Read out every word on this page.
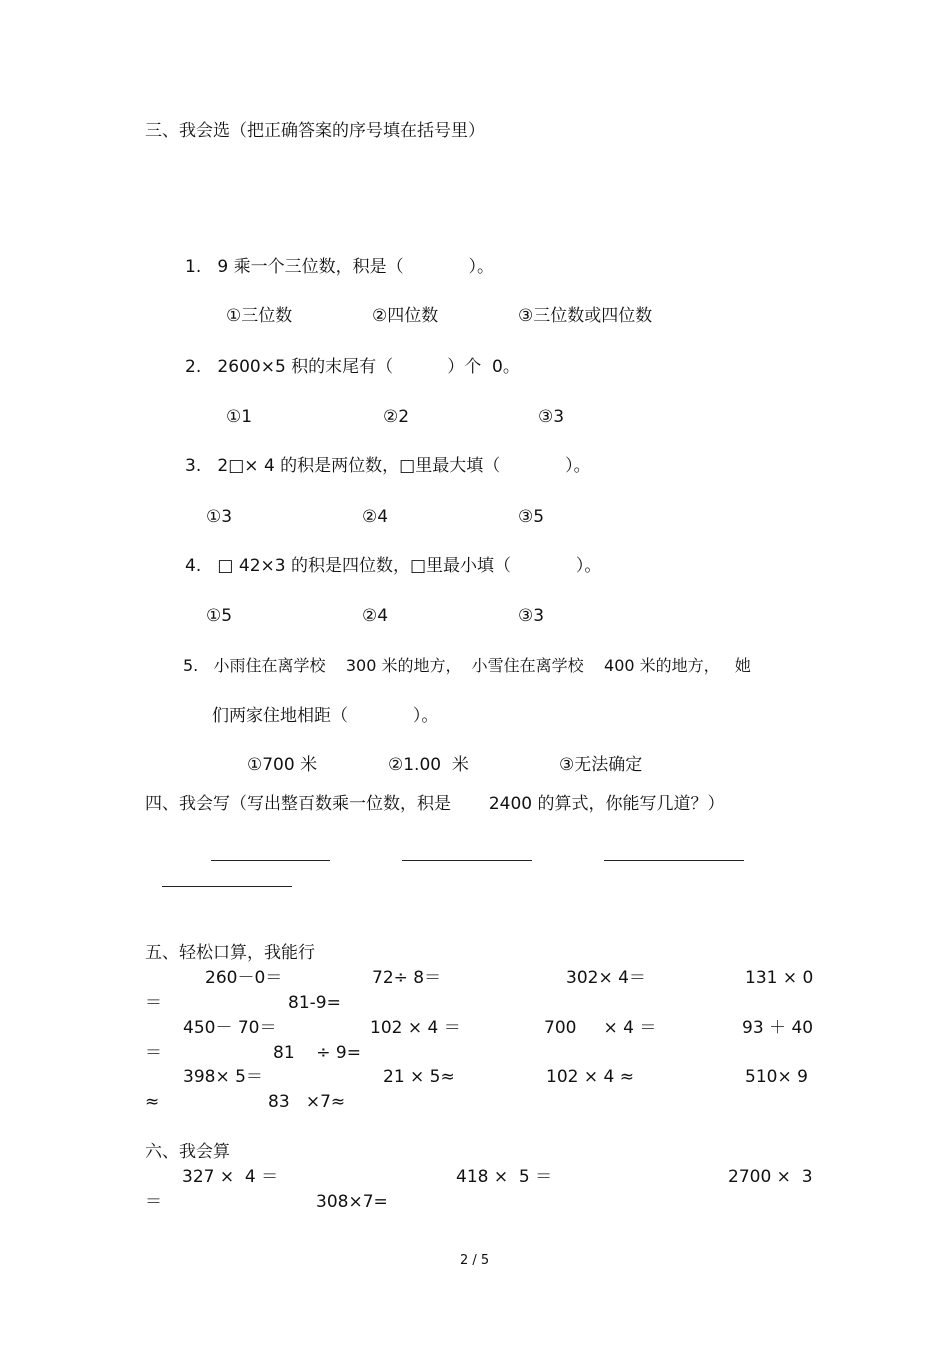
三、我会选（把正确答案的序号填在括号里）
1.   9 乘一个三位数，积是（            ）。
①三位数	②四位数	③三位数或四位数
2.   2600×5 积的末尾有（          ）个  0。
①1	②2	③3
3.   2□× 4 的积是两位数，□里最大填（            ）。
①3	②4	③5
4.   □ 42×3 的积是四位数，□里最小填（            ）。
①5	②4	③3
5.   小雨住在离学校    300 米的地方，  小雪住在离学校    400 米的地方，   她
们两家住地相距（            ）。
①700 米	②1.00  米	③无法确定
四、我会写（写出整百数乘一位数，积是       2400 的算式，你能写几道？）
五、轻松口算，我能行
260－0＝	72÷ 8＝	302× 4＝	131 × 0
＝	81-9=
450－ 70＝	102 × 4 ＝	700     × 4 ＝	93 ＋ 40
＝	81    ÷ 9=
398× 5＝	21 × 5≈	102 × 4 ≈	510× 9
≈	83   ×7≈
六、我会算
327 ×  4 ＝	418 ×  5 ＝	2700 ×  3
＝	308×7=
2 / 5
